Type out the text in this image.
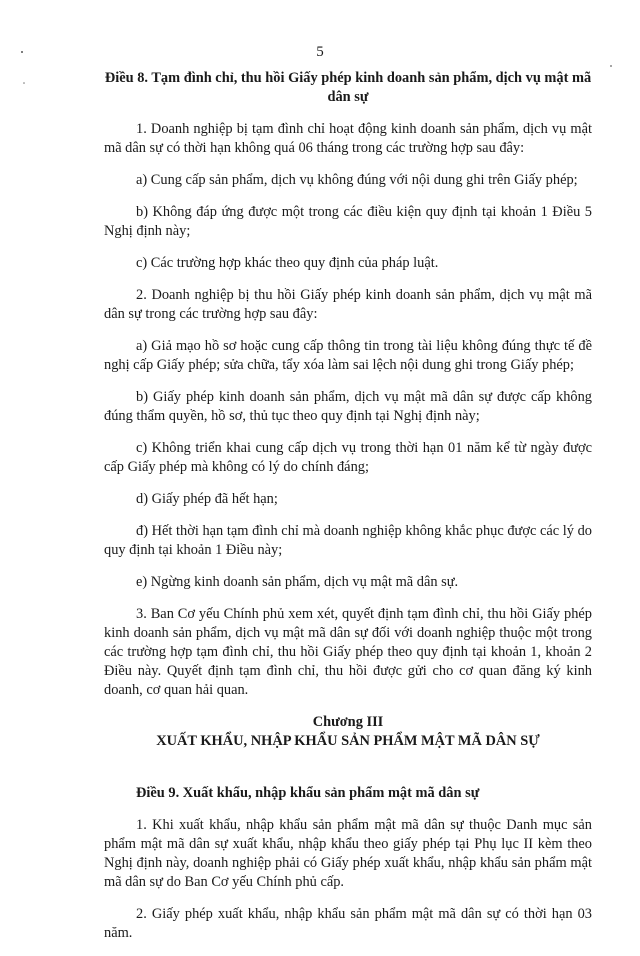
5

Điều 8. Tạm đình chỉ, thu hồi Giấy phép kinh doanh sản phẩm, dịch vụ mật mã dân sự

1. Doanh nghiệp bị tạm đình chỉ hoạt động kinh doanh sản phẩm, dịch vụ mật mã dân sự có thời hạn không quá 06 tháng trong các trường hợp sau đây:

a) Cung cấp sản phẩm, dịch vụ không đúng với nội dung ghi trên Giấy phép;

b) Không đáp ứng được một trong các điều kiện quy định tại khoản 1 Điều 5 Nghị định này;

c) Các trường hợp khác theo quy định của pháp luật.

2. Doanh nghiệp bị thu hồi Giấy phép kinh doanh sản phẩm, dịch vụ mật mã dân sự trong các trường hợp sau đây:

a) Giả mạo hồ sơ hoặc cung cấp thông tin trong tài liệu không đúng thực tế đề nghị cấp Giấy phép; sửa chữa, tẩy xóa làm sai lệch nội dung ghi trong Giấy phép;

b) Giấy phép kinh doanh sản phẩm, dịch vụ mật mã dân sự được cấp không đúng thẩm quyền, hồ sơ, thủ tục theo quy định tại Nghị định này;

c) Không triển khai cung cấp dịch vụ trong thời hạn 01 năm kể từ ngày được cấp Giấy phép mà không có lý do chính đáng;

d) Giấy phép đã hết hạn;

đ) Hết thời hạn tạm đình chỉ mà doanh nghiệp không khắc phục được các lý do quy định tại khoản 1 Điều này;

e) Ngừng kinh doanh sản phẩm, dịch vụ mật mã dân sự.

3. Ban Cơ yếu Chính phủ xem xét, quyết định tạm đình chỉ, thu hồi Giấy phép kinh doanh sản phẩm, dịch vụ mật mã dân sự đối với doanh nghiệp thuộc một trong các trường hợp tạm đình chỉ, thu hồi Giấy phép theo quy định tại khoản 1, khoản 2 Điều này. Quyết định tạm đình chỉ, thu hồi được gửi cho cơ quan đăng ký kinh doanh, cơ quan hải quan.

Chương III

XUẤT KHẨU, NHẬP KHẨU SẢN PHẨM MẬT MÃ DÂN SỰ

Điều 9. Xuất khẩu, nhập khẩu sản phẩm mật mã dân sự

1. Khi xuất khẩu, nhập khẩu sản phẩm mật mã dân sự thuộc Danh mục sản phẩm mật mã dân sự xuất khẩu, nhập khẩu theo giấy phép tại Phụ lục II kèm theo Nghị định này, doanh nghiệp phải có Giấy phép xuất khẩu, nhập khẩu sản phẩm mật mã dân sự do Ban Cơ yếu Chính phủ cấp.

2. Giấy phép xuất khẩu, nhập khẩu sản phẩm mật mã dân sự có thời hạn 03 năm.
